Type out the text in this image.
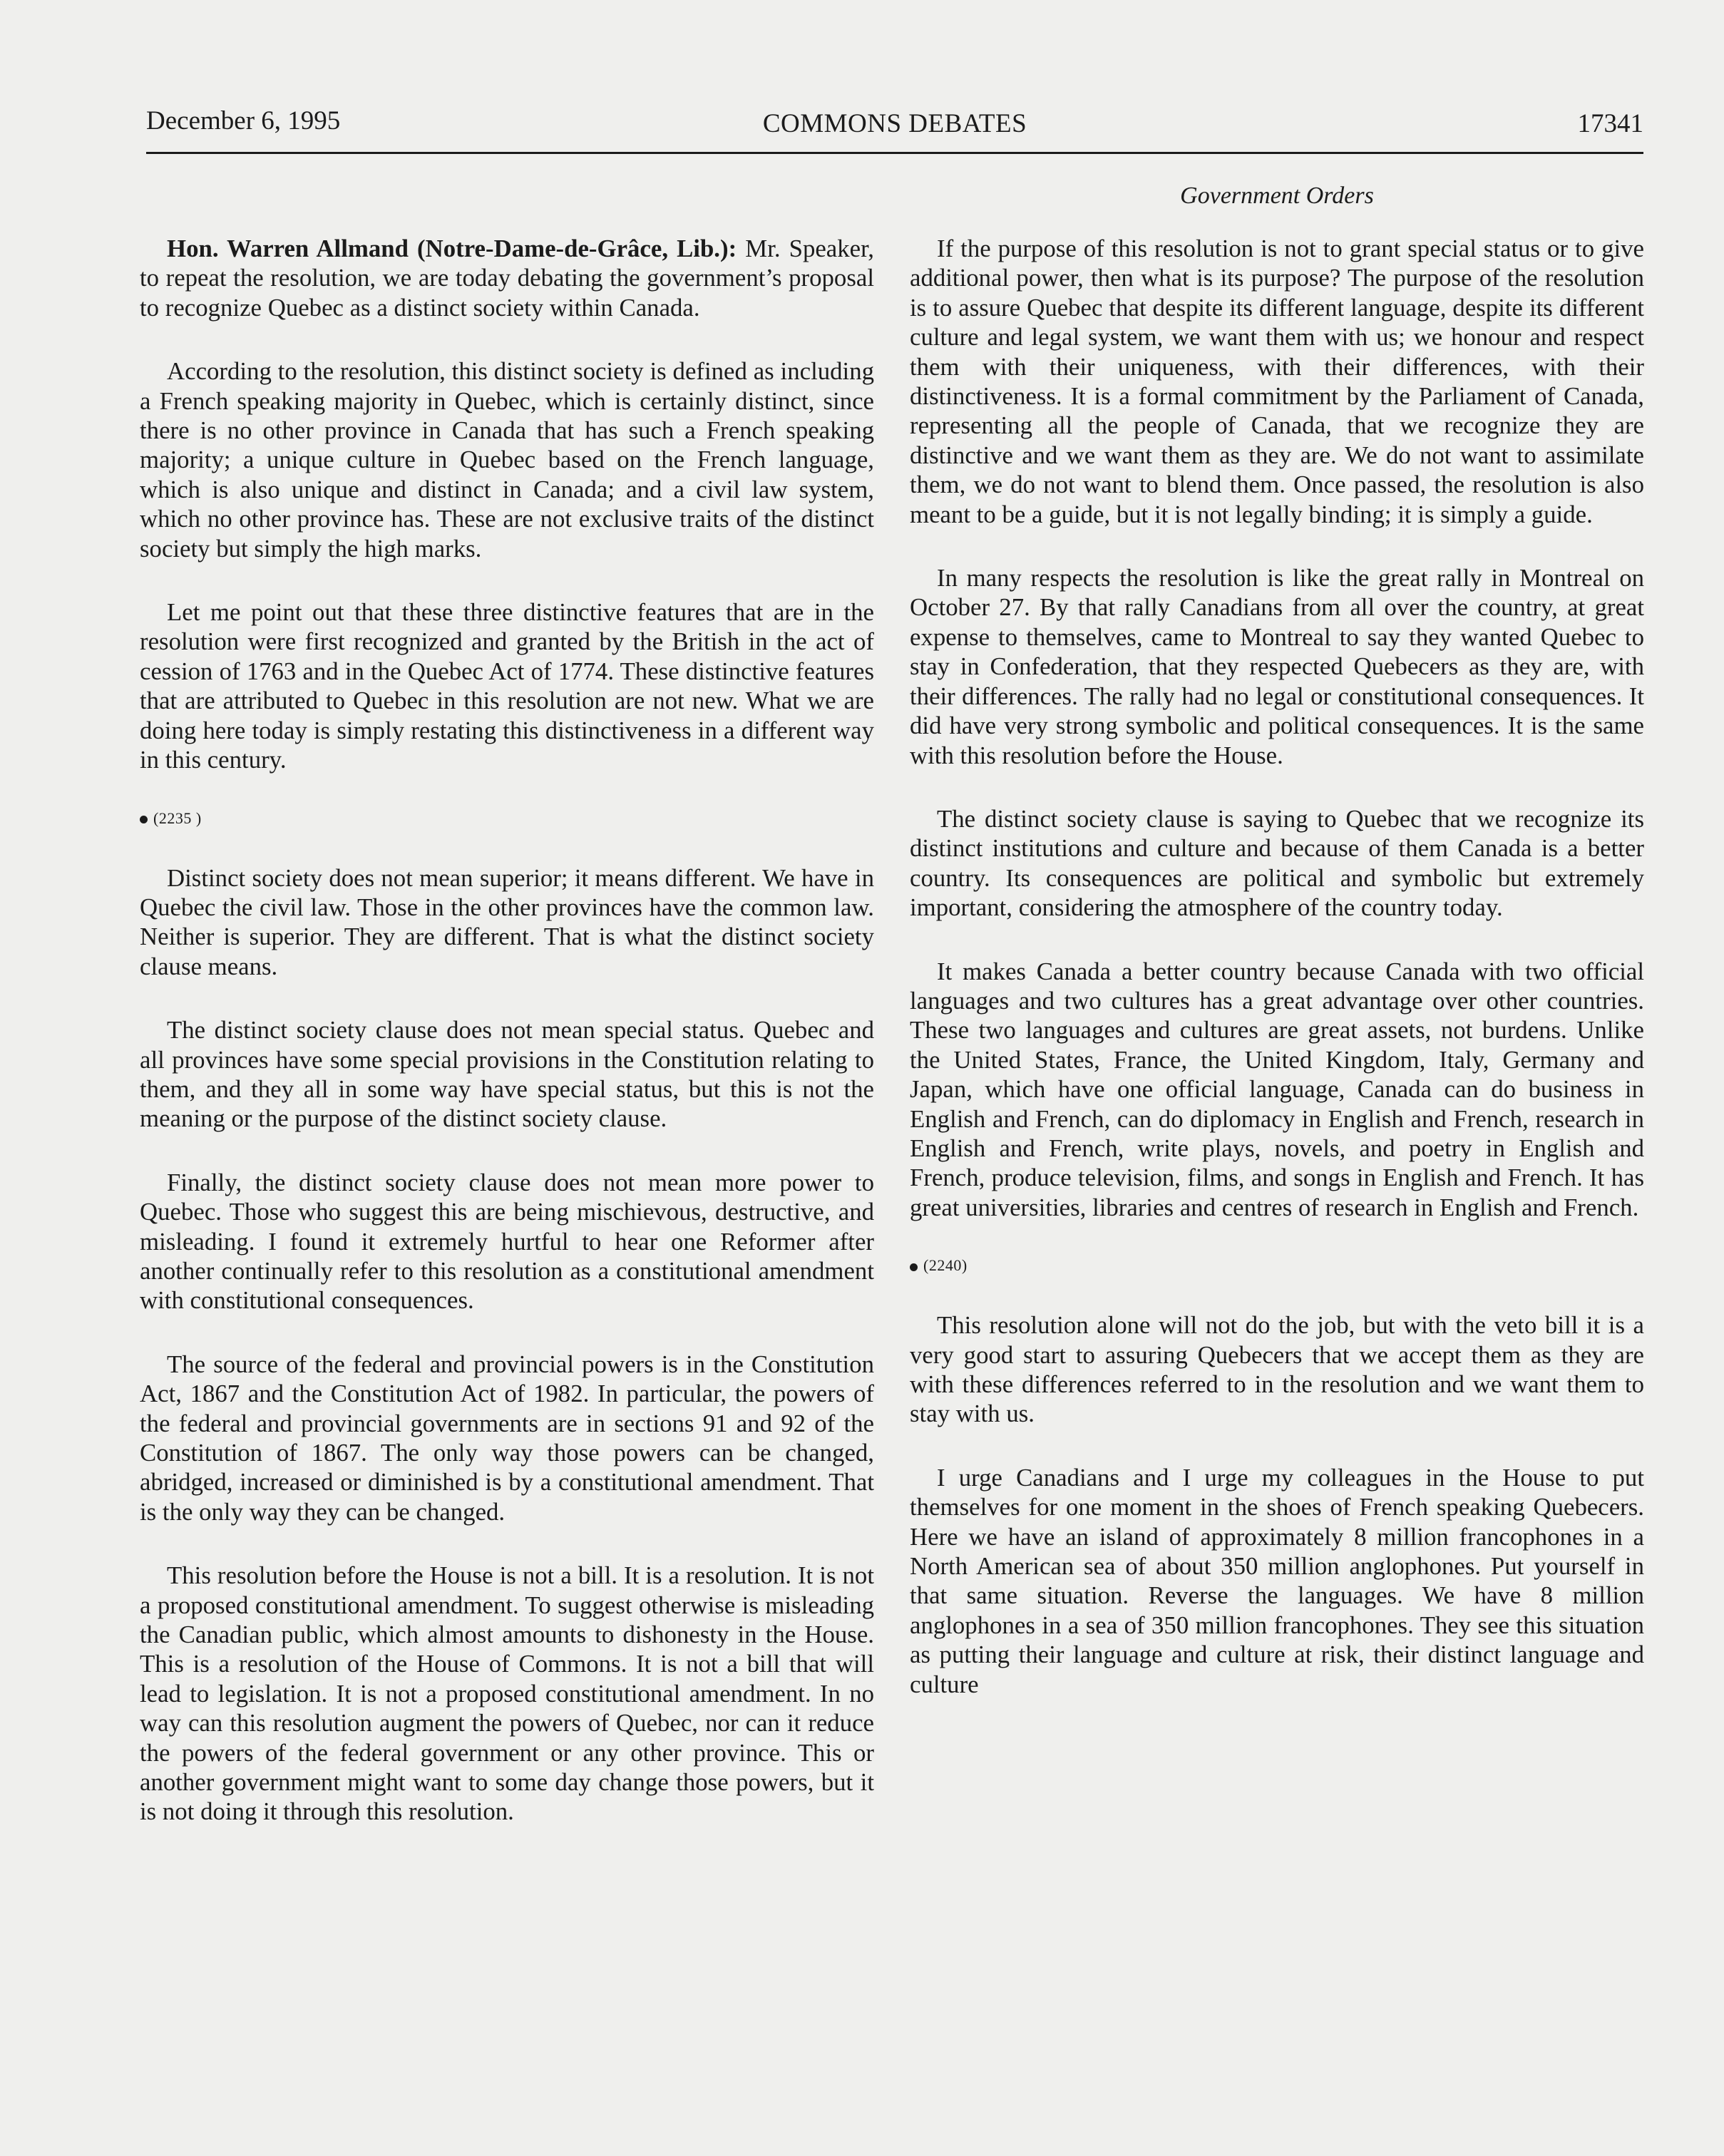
December 6, 1995	COMMONS DEBATES	17341
Government Orders

Hon. Warren Allmand (Notre-Dame-de-Grâce, Lib.): Mr. Speaker, to repeat the resolution, we are today debating the government’s proposal to recognize Quebec as a distinct society within Canada.

According to the resolution, this distinct society is defined as including a French speaking majority in Quebec, which is certainly distinct, since there is no other province in Canada that has such a French speaking majority; a unique culture in Quebec based on the French language, which is also unique and distinct in Canada; and a civil law system, which no other province has. These are not exclusive traits of the distinct society but simply the high marks.

Let me point out that these three distinctive features that are in the resolution were first recognized and granted by the British in the act of cession of 1763 and in the Quebec Act of 1774. These distinctive features that are attributed to Quebec in this resolution are not new. What we are doing here today is simply restating this distinctiveness in a different way in this century.

(2235 )

Distinct society does not mean superior; it means different. We have in Quebec the civil law. Those in the other provinces have the common law. Neither is superior. They are different. That is what the distinct society clause means.

The distinct society clause does not mean special status. Quebec and all provinces have some special provisions in the Constitution relating to them, and they all in some way have special status, but this is not the meaning or the purpose of the distinct society clause.

Finally, the distinct society clause does not mean more power to Quebec. Those who suggest this are being mischievous, destructive, and misleading. I found it extremely hurtful to hear one Reformer after another continually refer to this resolution as a constitutional amendment with constitutional consequences.

The source of the federal and provincial powers is in the Constitution Act, 1867 and the Constitution Act of 1982. In particular, the powers of the federal and provincial governments are in sections 91 and 92 of the Constitution of 1867. The only way those powers can be changed, abridged, increased or diminished is by a constitutional amendment. That is the only way they can be changed.

This resolution before the House is not a bill. It is a resolution. It is not a proposed constitutional amendment. To suggest otherwise is misleading the Canadian public, which almost amounts to dishonesty in the House. This is a resolution of the House of Commons. It is not a bill that will lead to legislation. It is not a proposed constitutional amendment. In no way can this resolution augment the powers of Quebec, nor can it reduce the powers of the federal government or any other province. This or another government might want to some day change those powers, but it is not doing it through this resolution.

If the purpose of this resolution is not to grant special status or to give additional power, then what is its purpose? The purpose of the resolution is to assure Quebec that despite its different language, despite its different culture and legal system, we want them with us; we honour and respect them with their uniqueness, with their differences, with their distinctiveness. It is a formal commitment by the Parliament of Canada, representing all the people of Canada, that we recognize they are distinctive and we want them as they are. We do not want to assimilate them, we do not want to blend them. Once passed, the resolution is also meant to be a guide, but it is not legally binding; it is simply a guide.

In many respects the resolution is like the great rally in Montreal on October 27. By that rally Canadians from all over the country, at great expense to themselves, came to Montreal to say they wanted Quebec to stay in Confederation, that they respected Quebecers as they are, with their differences. The rally had no legal or constitutional consequences. It did have very strong symbolic and political consequences. It is the same with this resolution before the House.

The distinct society clause is saying to Quebec that we recognize its distinct institutions and culture and because of them Canada is a better country. Its consequences are political and symbolic but extremely important, considering the atmosphere of the country today.

It makes Canada a better country because Canada with two official languages and two cultures has a great advantage over other countries. These two languages and cultures are great assets, not burdens. Unlike the United States, France, the United Kingdom, Italy, Germany and Japan, which have one official language, Canada can do business in English and French, can do diplomacy in English and French, research in English and French, write plays, novels, and poetry in English and French, produce television, films, and songs in English and French. It has great universities, libraries and centres of research in English and French.

(2240)

This resolution alone will not do the job, but with the veto bill it is a very good start to assuring Quebecers that we accept them as they are with these differences referred to in the resolution and we want them to stay with us.

I urge Canadians and I urge my colleagues in the House to put themselves for one moment in the shoes of French speaking Quebecers. Here we have an island of approximately 8 million francophones in a North American sea of about 350 million anglophones. Put yourself in that same situation. Reverse the languages. We have 8 million anglophones in a sea of 350 million francophones. They see this situation as putting their language and culture at risk, their distinct language and culture
